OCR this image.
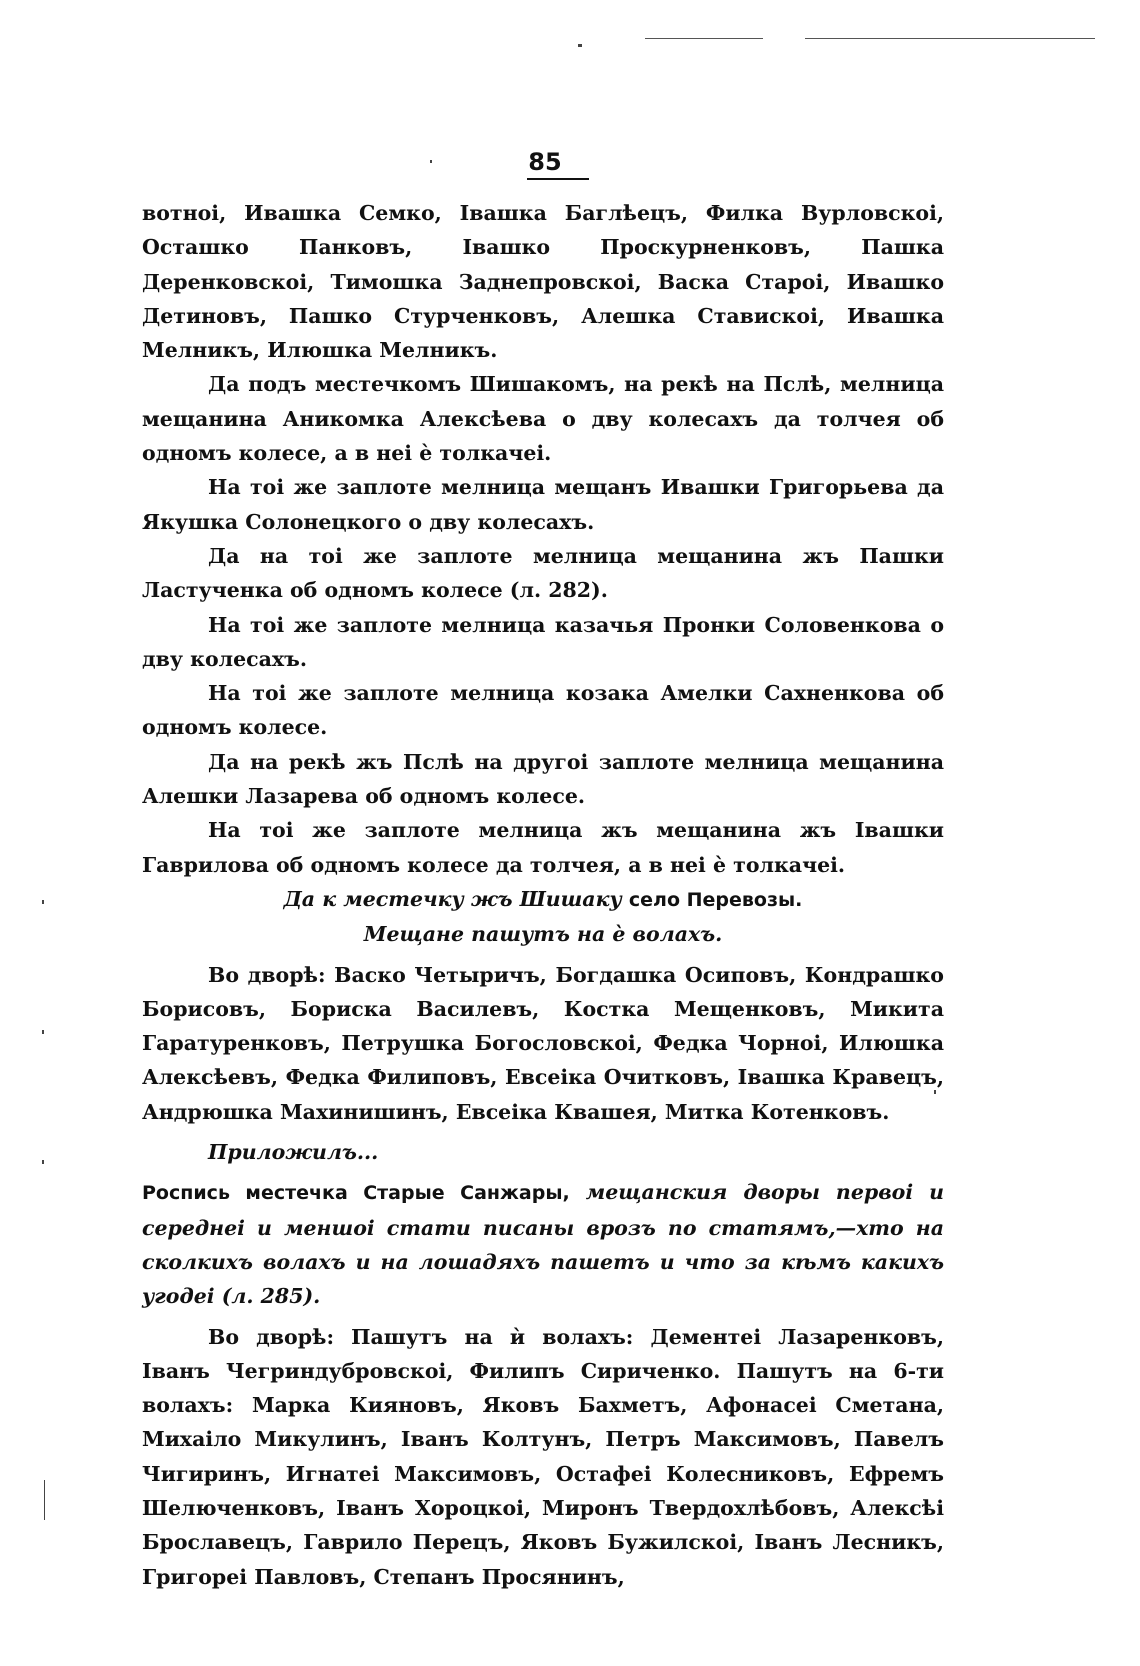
85

вотноі, Ивашка Семко, Івашка Баглѣецъ, Филка Вурловскоі, Осташко Панковъ, Івашко Проскурненковъ, Пашка Деренковскоі, Тимошка Заднепровскоі, Васка Староі, Ивашко Детиновъ, Пашко Стурченковъ, Алешка Ставискоі, Ивашка Мелникъ, Илюшка Мелникъ.

Да подъ местечкомъ Шишакомъ, на рекѣ на Пслѣ, мелница мещанина Аникомка Алексѣева о дву колесахъ да толчея об одномъ колесе, а в неі ѐ толкачеі.

На тоі же заплоте мелница мещанъ Ивашки Григорьева да Якушка Солонецкого о дву колесахъ.

Да на тоі же заплоте мелница мещанина жъ Пашки Ластученка об одномъ колесе (л. 282).

На тоі же заплоте мелница казачья Пронки Соловенкова о дву колесахъ.

На тоі же заплоте мелница козака Амелки Сахненкова об одномъ колесе.

Да на рекѣ жъ Пслѣ на другоі заплоте мелница мещанина Алешки Лазарева об одномъ колесе.

На тоі же заплоте мелница жъ мещанина жъ Івашки Гаврилова об одномъ колесе да толчея, а в неі ѐ толкачеі.

Да к местечку жъ Шишаку село Перевозы.

Мещане пашутъ на ѐ волахъ.

Во дворѣ: Васко Четыричъ, Богдашка Осиповъ, Кондрашко Борисовъ, Бориска Василевъ, Костка Мещенковъ, Микита Гаратуренковъ, Петрушка Богословскоі, Федка Чорноі, Илюшка Алексѣевъ, Федка Филиповъ, Евсеіка Очитковъ, Івашка Кравецъ, Андрюшка Махинишинъ, Евсеіка Квашея, Митка Котенковъ.

Приложилъ...

Роспись местечка Старые Санжары, мещанския дворы первоі и середнеі и меншоі стати писаны врозъ по статямъ,—хто на сколкихъ волахъ и на лошадяхъ пашетъ и что за кѣмъ какихъ угодеі (л. 285).

Во дворѣ: Пашутъ на ѝ волахъ: Дементеі Лазаренковъ, Іванъ Чегриндубровскоі, Филипъ Сириченко. Пашутъ на 6-ти волахъ: Марка Кияновъ, Яковъ Бахметъ, Афонасеі Сметана, Михаіло Микулинъ, Іванъ Колтунъ, Петръ Максимовъ, Павелъ Чигиринъ, Игнатеі Максимовъ, Остафеі Колесниковъ, Ефремъ Шелюченковъ, Іванъ Хороцкоі, Миронъ Твердохлѣбовъ, Алексѣі Брославецъ, Гаврило Перецъ, Яковъ Бужилскоі, Іванъ Лесникъ, Григореі Павловъ, Степанъ Просянинъ,
